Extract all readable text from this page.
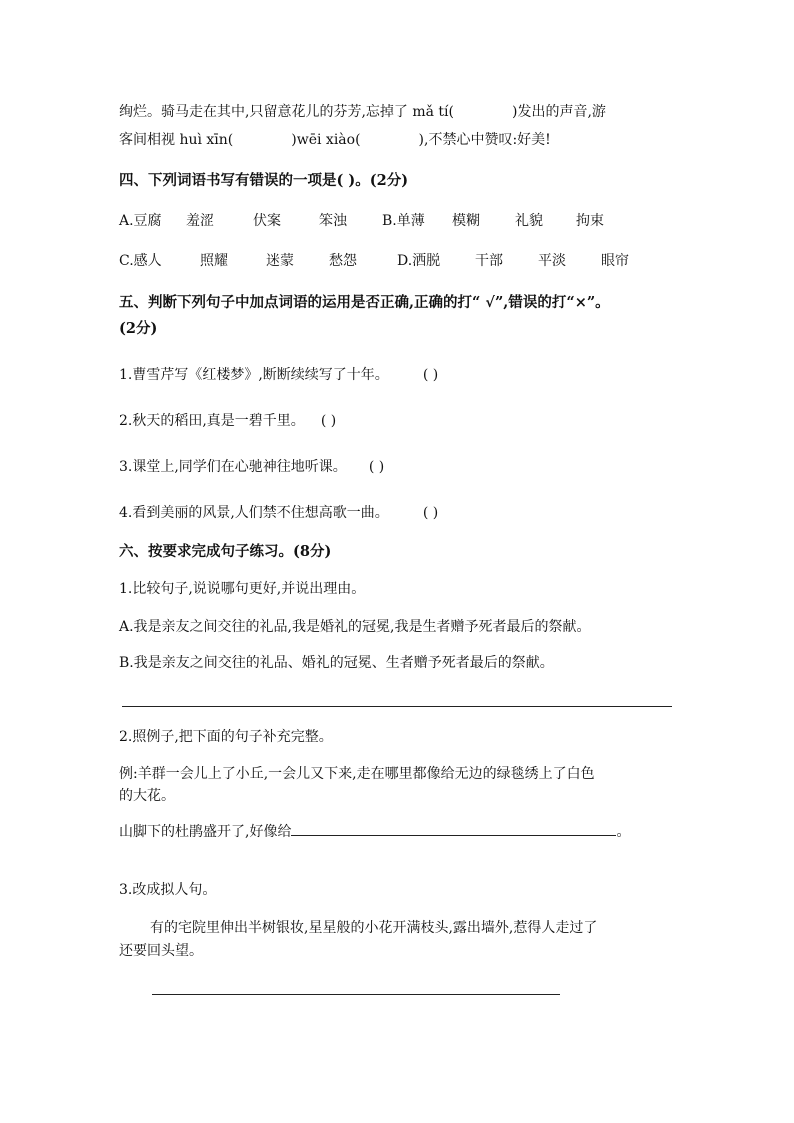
绚烂。骑马走在其中,只留意花儿的芬芳,忘掉了 mǎ tí(	)发出的声音,游
客间相视 huì xīn(	)wēi xiào(	),不禁心中赞叹:好美!
四、下列词语书写有错误的一项是( )。(2分)
A.豆腐	羞涩	伏案	笨浊	B.单薄	模糊	礼貌	拘束
C.感人	照耀	迷蒙	愁怨	D.洒脱	干部	平淡	眼帘
五、判断下列句子中加点词语的运用是否正确,正确的打“ √”,错误的打“×”。
(2分)
1.曹雪芹写《红楼梦》,断断续续写了十年。 ( )
2.秋天的稻田,真是一碧千里。 ( )
3.课堂上,同学们在心驰神往地听课。 ( )
4.看到美丽的风景,人们禁不住想高歌一曲。 ( )
六、按要求完成句子练习。(8分)
1.比较句子,说说哪句更好,并说出理由。
A.我是亲友之间交往的礼品,我是婚礼的冠冕,我是生者赠予死者最后的祭献。
B.我是亲友之间交往的礼品、婚礼的冠冕、生者赠予死者最后的祭献。
2.照例子,把下面的句子补充完整。
例:羊群一会儿上了小丘,一会儿又下来,走在哪里都像给无边的绿毯绣上了白色
的大花。
山脚下的杜鹃盛开了,好像给	。
3.改成拟人句。
有的宅院里伸出半树银妆,星星般的小花开满枝头,露出墙外,惹得人走过了
还要回头望。
